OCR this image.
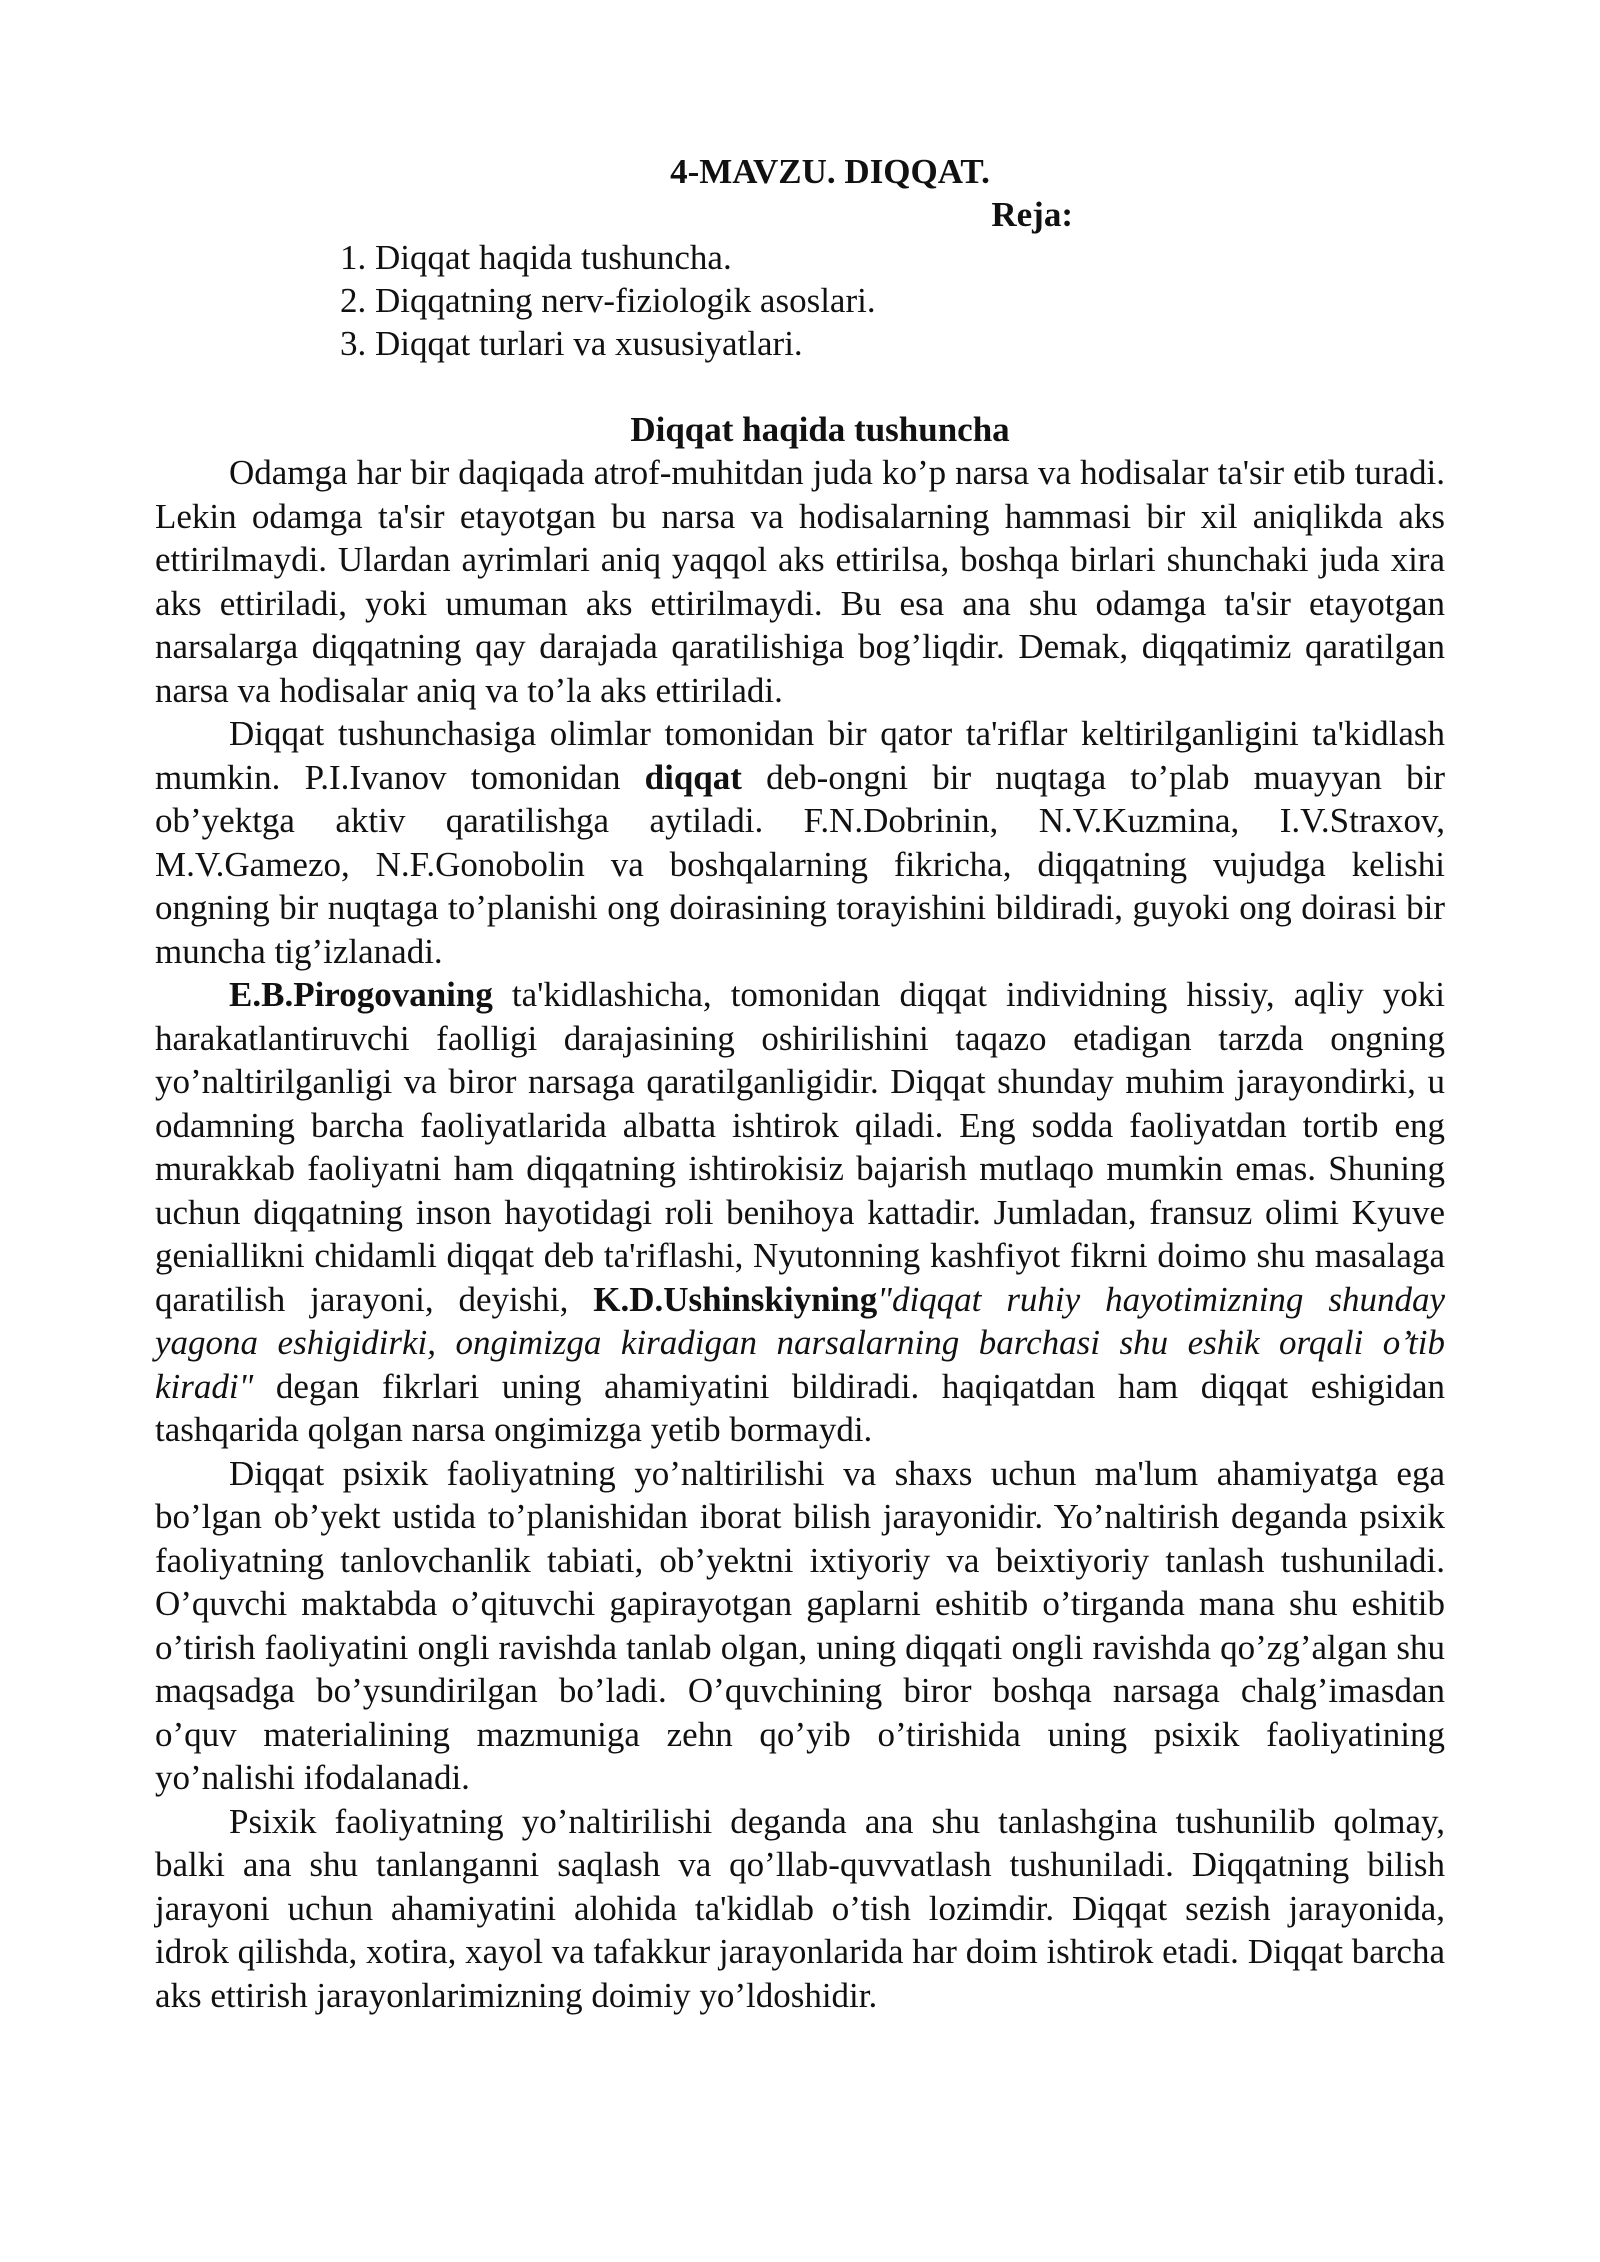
4-MAVZU. DIQQAT.
Reja:
1. Diqqat haqida tushuncha.
2. Diqqatning nerv-fiziologik asoslari.
3. Diqqat turlari va xususiyatlari.
Diqqat haqida tushuncha

Odamga har bir daqiqada atrof-muhitdan juda ko’p narsa va hodisalar ta'sir etib turadi. Lekin odamga ta'sir etayotgan bu narsa va hodisalarning hammasi bir xil aniqlikda aks ettirilmaydi. Ulardan ayrimlari aniq yaqqol aks ettirilsa, boshqa birlari shunchaki juda xira aks ettiriladi, yoki umuman aks ettirilmaydi. Bu esa ana shu odamga ta'sir etayotgan narsalarga diqqatning qay darajada qaratilishiga bog’liqdir. Demak, diqqatimiz qaratilgan narsa va hodisalar aniq va to’la aks ettiriladi.

Diqqat tushunchasiga olimlar tomonidan bir qator ta'riflar keltirilganligini ta'kidlash mumkin. P.I.Ivanov tomonidan diqqat deb-ongni bir nuqtaga to’plab muayyan bir ob’yektga aktiv qaratilishga aytiladi. F.N.Dobrinin, N.V.Kuzmina, I.V.Straxov, M.V.Gamezo, N.F.Gonobolin va boshqalarning fikricha, diqqatning vujudga kelishi ongning bir nuqtaga to’planishi ong doirasining torayishini bildiradi, guyoki ong doirasi bir muncha tig’izlanadi.

E.B.Pirogovaning ta'kidlashicha, tomonidan diqqat individning hissiy, aqliy yoki harakatlantiruvchi faolligi darajasining oshirilishini taqazo etadigan tarzda ongning yo’naltirilganligi va biror narsaga qaratilganligidir. Diqqat shunday muhim jarayondirki, u odamning barcha faoliyatlarida albatta ishtirok qiladi. Eng sodda faoliyatdan tortib eng murakkab faoliyatni ham diqqatning ishtirokisiz bajarish mutlaqo mumkin emas. Shuning uchun diqqatning inson hayotidagi roli benihoya kattadir. Jumladan, fransuz olimi Kyuve geniallikni chidamli diqqat deb ta'riflashi, Nyutonning kashfiyot fikrni doimo shu masalaga qaratilish jarayoni, deyishi, K.D.Ushinskiyning"diqqat ruhiy hayotimizning shunday yagona eshigidirki, ongimizga kiradigan narsalarning barchasi shu eshik orqali o’tib kiradi" degan fikrlari uning ahamiyatini bildiradi. haqiqatdan ham diqqat eshigidan tashqarida qolgan narsa ongimizga yetib bormaydi.

Diqqat psixik faoliyatning yo’naltirilishi va shaxs uchun ma'lum ahamiyatga ega bo’lgan ob’yekt ustida to’planishidan iborat bilish jarayonidir. Yo’naltirish deganda psixik faoliyatning tanlovchanlik tabiati, ob’yektni ixtiyoriy va beixtiyoriy tanlash tushuniladi. O’quvchi maktabda o’qituvchi gapirayotgan gaplarni eshitib o’tirganda mana shu eshitib o’tirish faoliyatini ongli ravishda tanlab olgan, uning diqqati ongli ravishda qo’zg’algan shu maqsadga bo’ysundirilgan bo’ladi. O’quvchining biror boshqa narsaga chalg’imasdan o’quv materialining mazmuniga zehn qo’yib o’tirishida uning psixik faoliyatining yo’nalishi ifodalanadi.

Psixik faoliyatning yo’naltirilishi deganda ana shu tanlashgina tushunilib qolmay, balki ana shu tanlanganni saqlash va qo’llab-quvvatlash tushuniladi. Diqqatning bilish jarayoni uchun ahamiyatini alohida ta'kidlab o’tish lozimdir. Diqqat sezish jarayonida, idrok qilishda, xotira, xayol va tafakkur jarayonlarida har doim ishtirok etadi. Diqqat barcha aks ettirish jarayonlarimizning doimiy yo’ldoshidir.
